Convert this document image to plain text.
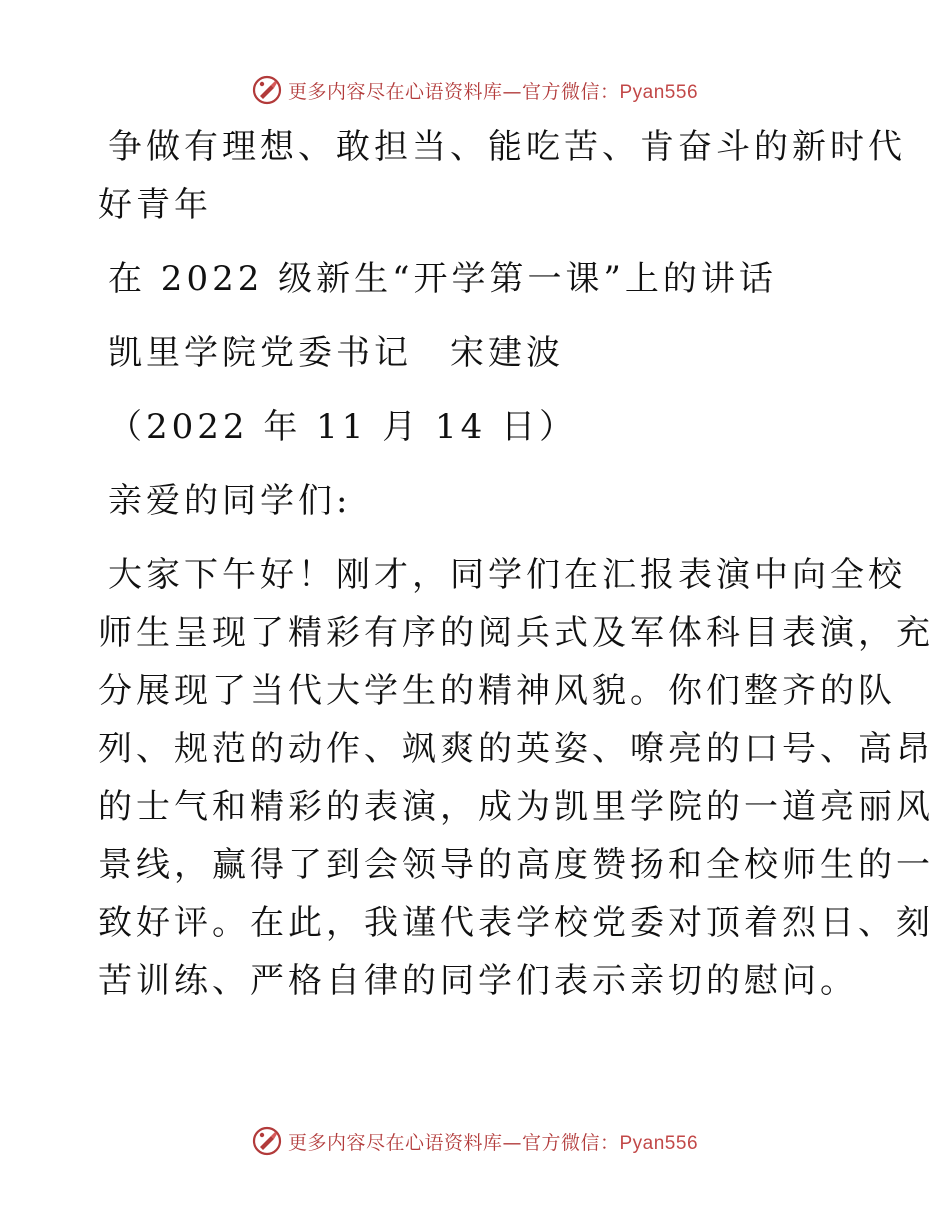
更多内容尽在心语资料库—官方微信：Pyan556
争做有理想、敢担当、能吃苦、肯奋斗的新时代
好青年
在 2022 级新生“开学第一课”上的讲话
凯里学院党委书记　宋建波
（2022 年 11 月 14 日）
亲爱的同学们:
大家下午好！刚才，同学们在汇报表演中向全校
师生呈现了精彩有序的阅兵式及军体科目表演，充
分展现了当代大学生的精神风貌。你们整齐的队
列、规范的动作、飒爽的英姿、嘹亮的口号、高昂
的士气和精彩的表演，成为凯里学院的一道亮丽风
景线，赢得了到会领导的高度赞扬和全校师生的一
致好评。在此，我谨代表学校党委对顶着烈日、刻
苦训练、严格自律的同学们表示亲切的慰问。
更多内容尽在心语资料库—官方微信：Pyan556
